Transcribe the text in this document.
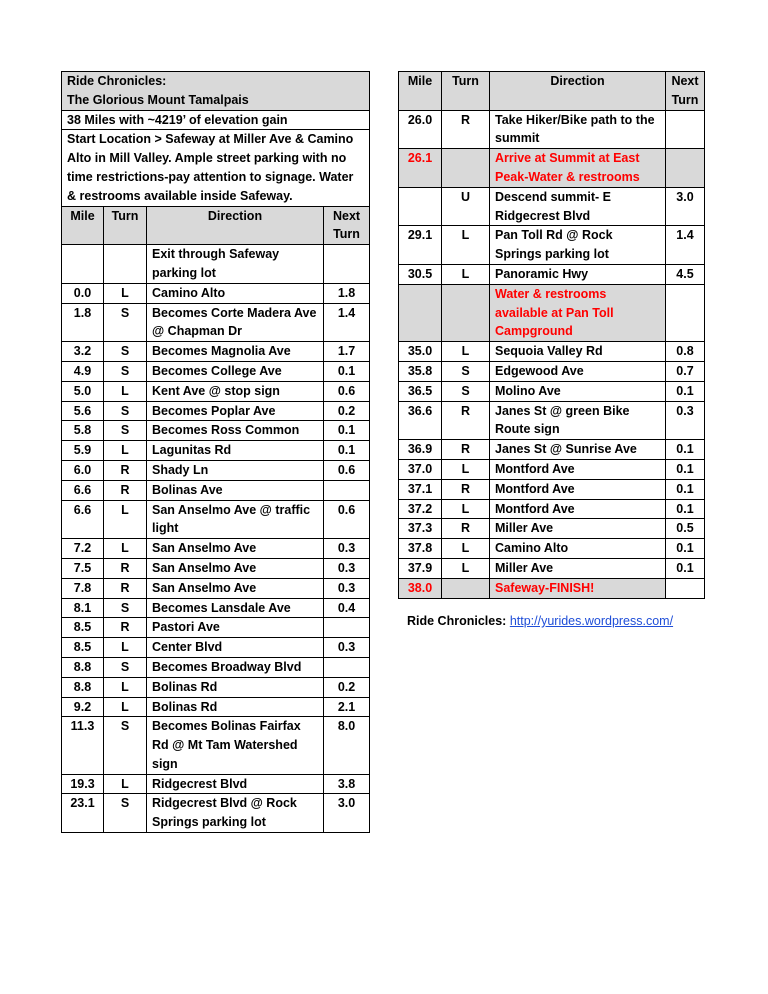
Ride Chronicles:
The Glorious Mount Tamalpais			
38 Miles with ~4219’ of elevation gain			
Start Location > Safeway at Miller Ave & Camino Alto in Mill Valley. Ample street parking with no time restrictions-pay attention to signage. Water & restrooms available inside Safeway.			
Mile	Turn	Direction	Next Turn
		Exit through Safeway parking lot	
0.0	L	Camino Alto	1.8
1.8	S	Becomes Corte Madera Ave @ Chapman Dr	1.4
3.2	S	Becomes Magnolia Ave	1.7
4.9	S	Becomes College Ave	0.1
5.0	L	Kent Ave @ stop sign	0.6
5.6	S	Becomes Poplar Ave	0.2
5.8	S	Becomes Ross Common	0.1
5.9	L	Lagunitas Rd	0.1
6.0	R	Shady Ln	0.6
6.6	R	Bolinas Ave	
6.6	L	San Anselmo Ave @ traffic light	0.6
7.2	L	San Anselmo Ave	0.3
7.5	R	San Anselmo Ave	0.3
7.8	R	San Anselmo Ave	0.3
8.1	S	Becomes Lansdale Ave	0.4
8.5	R	Pastori Ave	
8.5	L	Center Blvd	0.3
8.8	S	Becomes Broadway Blvd	
8.8	L	Bolinas Rd	0.2
9.2	L	Bolinas Rd	2.1
11.3	S	Becomes Bolinas Fairfax Rd @ Mt Tam Watershed sign	8.0
19.3	L	Ridgecrest Blvd	3.8
23.1	S	Ridgecrest Blvd @ Rock Springs parking lot	3.0
Mile	Turn	Direction	Next Turn
26.0	R	Take Hiker/Bike path to the summit	
26.1		Arrive at Summit at East Peak-Water & restrooms	
	U	Descend summit- E Ridgecrest Blvd	3.0
29.1	L	Pan Toll Rd @ Rock Springs parking lot	1.4
30.5	L	Panoramic Hwy	4.5
		Water & restrooms available at Pan Toll Campground	
35.0	L	Sequoia Valley Rd	0.8
35.8	S	Edgewood Ave	0.7
36.5	S	Molino Ave	0.1
36.6	R	Janes St @ green Bike Route sign	0.3
36.9	R	Janes St @ Sunrise Ave	0.1
37.0	L	Montford Ave	0.1
37.1	R	Montford Ave	0.1
37.2	L	Montford Ave	0.1
37.3	R	Miller Ave	0.5
37.8	L	Camino Alto	0.1
37.9	L	Miller Ave	0.1
38.0		Safeway-FINISH!	
Ride Chronicles: http://yurides.wordpress.com/
